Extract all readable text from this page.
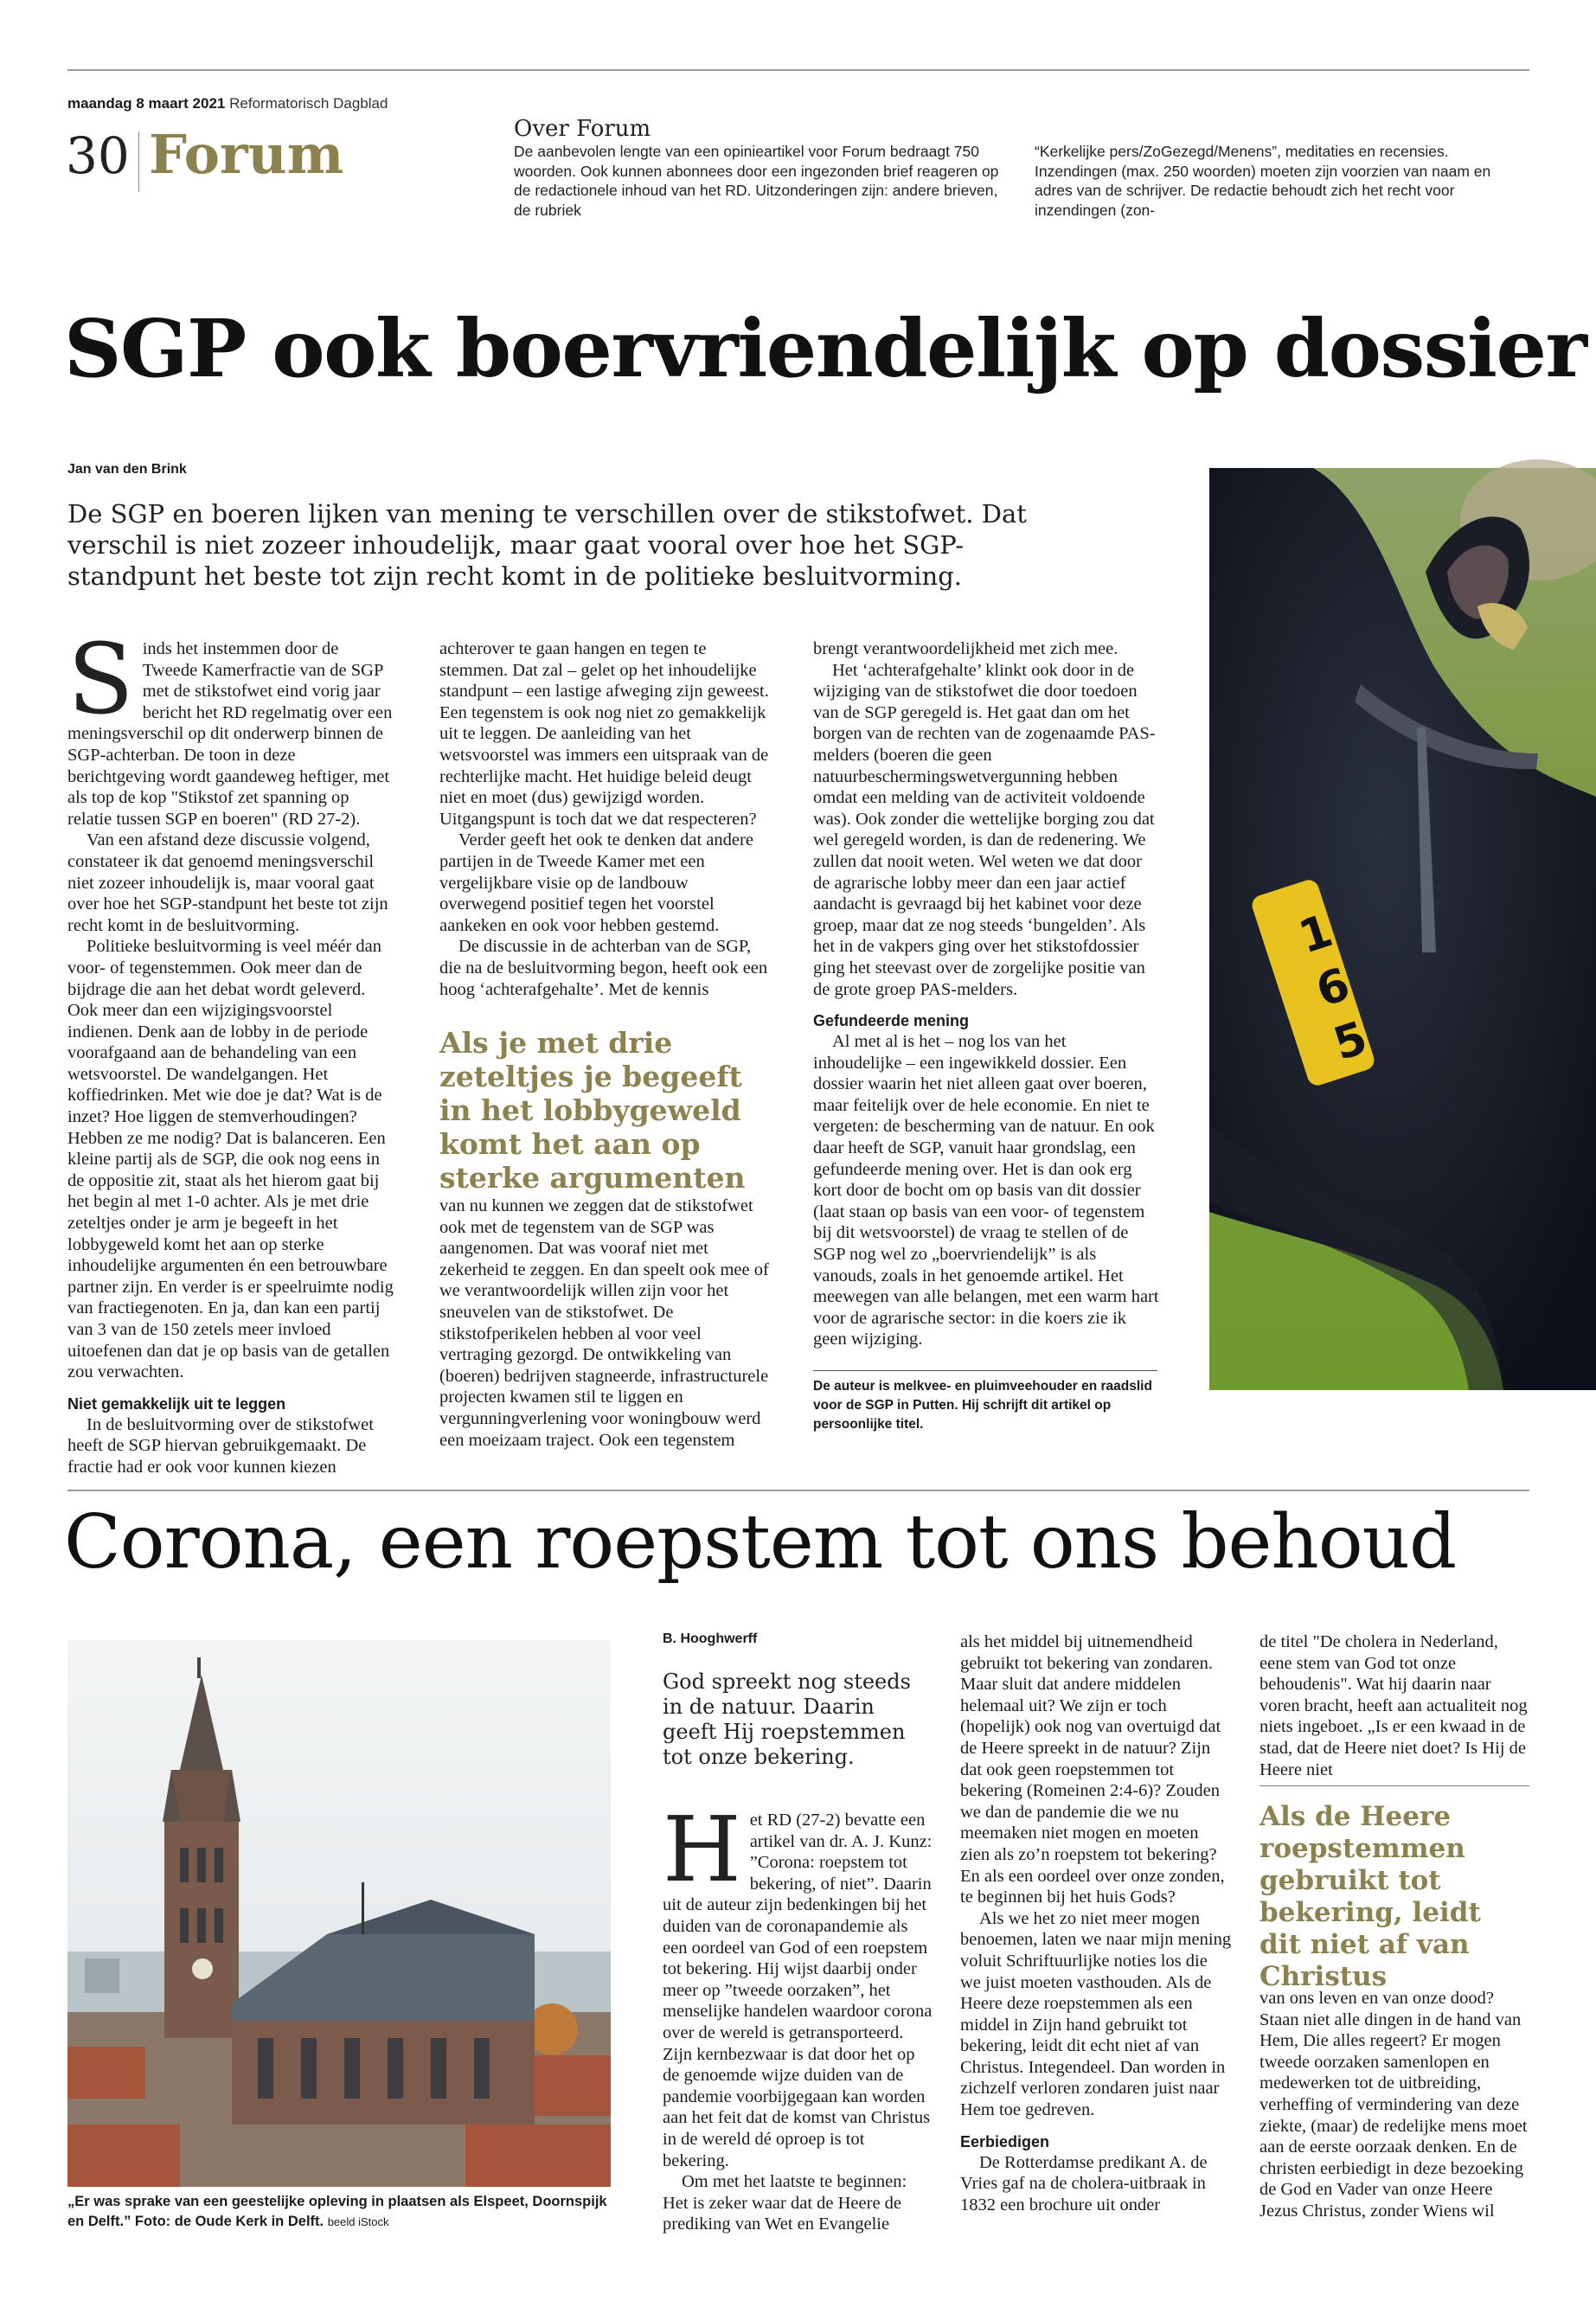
maandag 8 maart 2021 Reformatorisch Dagblad
30 Forum	Over Forum
De aanbevolen lengte van een opinieartikel voor Forum bedraagt 750 woorden. Ook kunnen abonnees door een ingezonden brief reageren op de redactionele inhoud van het RD. Uitzonderingen zijn: andere brieven, de rubriek
“Kerkelijke pers/ZoGezegd/Menens”, meditaties en recensies. Inzendingen (max. 250 woorden) moeten zijn voorzien van naam en adres van de schrijver. De redactie behoudt zich het recht voor inzendingen (zon-
SGP ook boervriendelijk op dossier
Jan van den Brink
De SGP en boeren lijken van mening te verschillen over de stikstofwet. Dat verschil is niet zozeer inhoudelijk, maar gaat vooral over hoe het SGP-standpunt het beste tot zijn recht komt in de politieke besluitvorming.
1
6
5
S inds het instemmen door de Tweede Kamerfractie van de SGP met de stikstofwet eind vorig jaar bericht het RD regelmatig over een meningsverschil op dit onderwerp binnen de SGP-achterban. De toon in deze berichtgeving wordt gaandeweg heftiger, met als top de kop "Stikstof zet spanning op relatie tussen SGP en boeren" (RD 27-2).

Van een afstand deze discussie volgend, constateer ik dat genoemd meningsverschil niet zozeer inhoudelijk is, maar vooral gaat over hoe het SGP-standpunt het beste tot zijn recht komt in de besluitvorming.

Politieke besluitvorming is veel méér dan voor- of tegenstemmen. Ook meer dan de bijdrage die aan het debat wordt geleverd. Ook meer dan een wijzigingsvoorstel indienen. Denk aan de lobby in de periode voorafgaand aan de behandeling van een wetsvoorstel. De wandelgangen. Het koffiedrinken. Met wie doe je dat? Wat is de inzet? Hoe liggen de stemverhoudingen? Hebben ze me nodig? Dat is balanceren. Een kleine partij als de SGP, die ook nog eens in de oppositie zit, staat als het hierom gaat bij het begin al met 1-0 achter. Als je met drie zeteltjes onder je arm je begeeft in het lobbygeweld komt het aan op sterke inhoudelijke argumenten én een betrouwbare partner zijn. En verder is er speelruimte nodig van fractiegenoten. En ja, dan kan een partij van 3 van de 150 zetels meer invloed uitoefenen dan dat je op basis van de getallen zou verwachten.

Niet gemakkelijk uit te leggen

In de besluitvorming over de stikstofwet heeft de SGP hiervan gebruikgemaakt. De fractie had er ook voor kunnen kiezen

achterover te gaan hangen en tegen te stemmen. Dat zal – gelet op het inhoudelijke standpunt – een lastige afweging zijn geweest. Een tegenstem is ook nog niet zo gemakkelijk uit te leggen. De aanleiding van het wetsvoorstel was immers een uitspraak van de rechterlijke macht. Het huidige beleid deugt niet en moet (dus) gewijzigd worden. Uitgangspunt is toch dat we dat respecteren?

Verder geeft het ook te denken dat andere partijen in de Tweede Kamer met een vergelijkbare visie op de landbouw overwegend positief tegen het voorstel aankeken en ook voor hebben gestemd.

De discussie in de achterban van de SGP, die na de besluitvorming begon, heeft ook een hoog ‘achterafgehalte’. Met de kennis

Als je met drie zeteltjes je begeeft in het lobbygeweld komt het aan op sterke argumenten

van nu kunnen we zeggen dat de stikstofwet ook met de tegenstem van de SGP was aangenomen. Dat was vooraf niet met zekerheid te zeggen. En dan speelt ook mee of we verantwoordelijk willen zijn voor het sneuvelen van de stikstofwet. De stikstofperikelen hebben al voor veel vertraging gezorgd. De ontwikkeling van (boeren) bedrijven stagneerde, infrastructurele projecten kwamen stil te liggen en vergunningverlening voor woningbouw werd een moeizaam traject. Ook een tegenstem

brengt verantwoordelijkheid met zich mee.

Het ‘achterafgehalte’ klinkt ook door in de wijziging van de stikstofwet die door toedoen van de SGP geregeld is. Het gaat dan om het borgen van de rechten van de zogenaamde PAS-melders (boeren die geen natuurbeschermingswetvergunning hebben omdat een melding van de activiteit voldoende was). Ook zonder die wettelijke borging zou dat wel geregeld worden, is dan de redenering. We zullen dat nooit weten. Wel weten we dat door de agrarische lobby meer dan een jaar actief aandacht is gevraagd bij het kabinet voor deze groep, maar dat ze nog steeds ‘bungelden’. Als het in de vakpers ging over het stikstofdossier ging het steevast over de zorgelijke positie van de grote groep PAS-melders.

Gefundeerde mening

Al met al is het – nog los van het inhoudelijke – een ingewikkeld dossier. Een dossier waarin het niet alleen gaat over boeren, maar feitelijk over de hele economie. En niet te vergeten: de bescherming van de natuur. En ook daar heeft de SGP, vanuit haar grondslag, een gefundeerde mening over. Het is dan ook erg kort door de bocht om op basis van dit dossier (laat staan op basis van een voor- of tegenstem bij dit wetsvoorstel) de vraag te stellen of de SGP nog wel zo „boervriendelijk” is als vanouds, zoals in het genoemde artikel. Het meewegen van alle belangen, met een warm hart voor de agrarische sector: in die koers zie ik geen wijziging.

De auteur is melkvee- en pluimveehouder en raadslid voor de SGP in Putten. Hij schrijft dit artikel op persoonlijke titel.
Corona, een roepstem tot ons behoud
„Er was sprake van een geestelijke opleving in plaatsen als Elspeet, Doornspijk en Delft.” Foto: de Oude Kerk in Delft. beeld iStock
B. Hooghwerff
God spreekt nog steeds in de natuur. Daarin geeft Hij roepstemmen tot onze bekering.
H et RD (27-2) bevatte een artikel van dr. A. J. Kunz: ”Corona: roepstem tot bekering, of niet”. Daarin uit de auteur zijn bedenkingen bij het duiden van de coronapandemie als een oordeel van God of een roepstem tot bekering. Hij wijst daarbij onder meer op ”tweede oorzaken”, het menselijke handelen waardoor corona over de wereld is getransporteerd. Zijn kernbezwaar is dat door het op de genoemde wijze duiden van de pandemie voorbijgegaan kan worden aan het feit dat de komst van Christus in de wereld dé oproep is tot bekering.

Om met het laatste te beginnen: Het is zeker waar dat de Heere de prediking van Wet en Evangelie

als het middel bij uitnemendheid gebruikt tot bekering van zondaren. Maar sluit dat andere middelen helemaal uit? We zijn er toch (hopelijk) ook nog van overtuigd dat de Heere spreekt in de natuur? Zijn dat ook geen roepstemmen tot bekering (Romeinen 2:4-6)? Zouden we dan de pandemie die we nu meemaken niet mogen en moeten zien als zo’n roepstem tot bekering? En als een oordeel over onze zonden, te beginnen bij het huis Gods?

Als we het zo niet meer mogen benoemen, laten we naar mijn mening voluit Schriftuurlijke noties los die we juist moeten vasthouden. Als de Heere deze roepstemmen als een middel in Zijn hand gebruikt tot bekering, leidt dit echt niet af van Christus. Integendeel. Dan worden in zichzelf verloren zondaren juist naar Hem toe gedreven.

Eerbiedigen

De Rotterdamse predikant A. de Vries gaf na de cholera-uitbraak in 1832 een brochure uit onder

de titel "De cholera in Nederland, eene stem van God tot onze behoudenis". Wat hij daarin naar voren bracht, heeft aan actualiteit nog niets ingeboet. „Is er een kwaad in de stad, dat de Heere niet doet? Is Hij de Heere niet

Als de Heere roepstemmen gebruikt tot bekering, leidt dit niet af van Christus

van ons leven en van onze dood? Staan niet alle dingen in de hand van Hem, Die alles regeert? Er mogen tweede oorzaken samenlopen en medewerken tot de uitbreiding, verheffing of vermindering van deze ziekte, (maar) de redelijke mens moet aan de eerste oorzaak denken. En de christen eerbiedigt in deze bezoeking de God en Vader van onze Heere Jezus Christus, zonder Wiens wil
